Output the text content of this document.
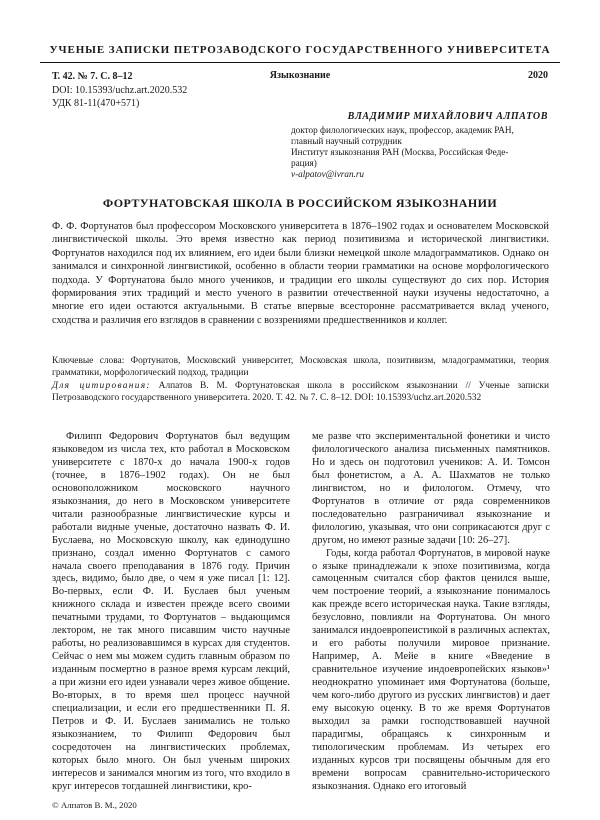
УЧЕНЫЕ ЗАПИСКИ ПЕТРОЗАВОДСКОГО ГОСУДАРСТВЕННОГО УНИВЕРСИТЕТА
Т. 42. № 7. С. 8–12
DOI: 10.15393/uchz.art.2020.532
УДК 81-11(470+571)
Языкознание	2020
ВЛАДИМИР МИХАЙЛОВИЧ АЛПАТОВ
доктор филологических наук, профессор, академик РАН,
главный научный сотрудник
Институт языкознания РАН (Москва, Российская Феде-
рация)
v-alpatov@ivran.ru
ФОРТУНАТОВСКАЯ ШКОЛА В РОССИЙСКОМ ЯЗЫКОЗНАНИИ
Ф. Ф. Фортунатов был профессором Московского университета в 1876–1902 годах и основателем Московской лингвистической школы. Это время известно как период позитивизма и исторической лингвистики. Фортунатов находился под их влиянием, его идеи были близки немецкой школе младограмматиков. Однако он занимался и синхронной лингвистикой, особенно в области теории грамматики на основе морфологического подхода. У Фортунатова было много учеников, и традиции его школы существуют до сих пор. История формирования этих традиций и место ученого в развитии отечественной науки изучены недостаточно, а многие его идеи остаются актуальными. В статье впервые всесторонне рассматривается вклад ученого, сходства и различия его взглядов в сравнении с воззрениями предшественников и коллег.
Ключевые слова: Фортунатов, Московский университет, Московская школа, позитивизм, младограмматики, теория грамматики, морфологический подход, традиции
Для цитирования: Алпатов В. М. Фортунатовская школа в российском языкознании // Ученые записки Петрозаводского государственного университета. 2020. Т. 42. № 7. С. 8–12. DOI: 10.15393/uchz.art.2020.532

Филипп Федорович Фортунатов был ведущим языковедом из числа тех, кто работал в Московском университете с 1870-х до начала 1900-х годов (точнее, в 1876–1902 годах). Он не был основоположником московского научного языкознания, до него в Московском университете читали разнообразные лингвистические курсы и работали видные ученые, достаточно назвать Ф. И. Буслаева, но Московскую школу, как единодушно признано, создал именно Фортунатов с самого начала своего преподавания в 1876 году. Причин здесь, видимо, было две, о чем я уже писал [1: 12]. Во-первых, если Ф. И. Буслаев был ученым книжного склада и известен прежде всего своими печатными трудами, то Фортунатов – выдающимся лектором, не так много писавшим чисто научные работы, но реализовавшимся в курсах для студентов. Сейчас о нем мы можем судить главным образом по изданным посмертно в разное время курсам лекций, а при жизни его идеи узнавали через живое общение. Во-вторых, в то время шел процесс научной специализации, и если его предшественники П. Я. Петров и Ф. И. Буслаев занимались не только языкознанием, то Филипп Федорович был сосредоточен на лингвистических проблемах, которых было много. Он был ученым широких интересов и занимался многим из того, что входило в круг интересов тогдашней лингвистики, кро-

ме разве что экспериментальной фонетики и чисто филологического анализа письменных памятников. Но и здесь он подготовил учеников: А. И. Томсон был фонетистом, а А. А. Шахматов не только лингвистом, но и филологом. Отмечу, что Фортунатов в отличие от ряда современников последовательно разграничивал языкознание и филологию, указывая, что они соприкасаются друг с другом, но имеют разные задачи [10: 26–27].

Годы, когда работал Фортунатов, в мировой науке о языке принадлежали к эпохе позитивизма, когда самоценным считался сбор фактов ценился выше, чем построение теорий, а языкознание понималось как прежде всего историческая наука. Такие взгляды, безусловно, повлияли на Фортунатова. Он много занимался индоевропеистикой в различных аспектах, и его работы получили мировое признание. Например, А. Мейе в книге «Введение в сравнительное изучение индоевропейских языков»¹ неоднократно упоминает имя Фортунатова (больше, чем кого-либо другого из русских лингвистов) и дает ему высокую оценку. В то же время Фортунатов выходил за рамки господствовавшей научной парадигмы, обращаясь к синхронным и типологическим проблемам. Из четырех его изданных курсов три посвящены обычным для его времени вопросам сравнительно-исторического языкознания. Однако его итоговый

© Алпатов В. М., 2020
